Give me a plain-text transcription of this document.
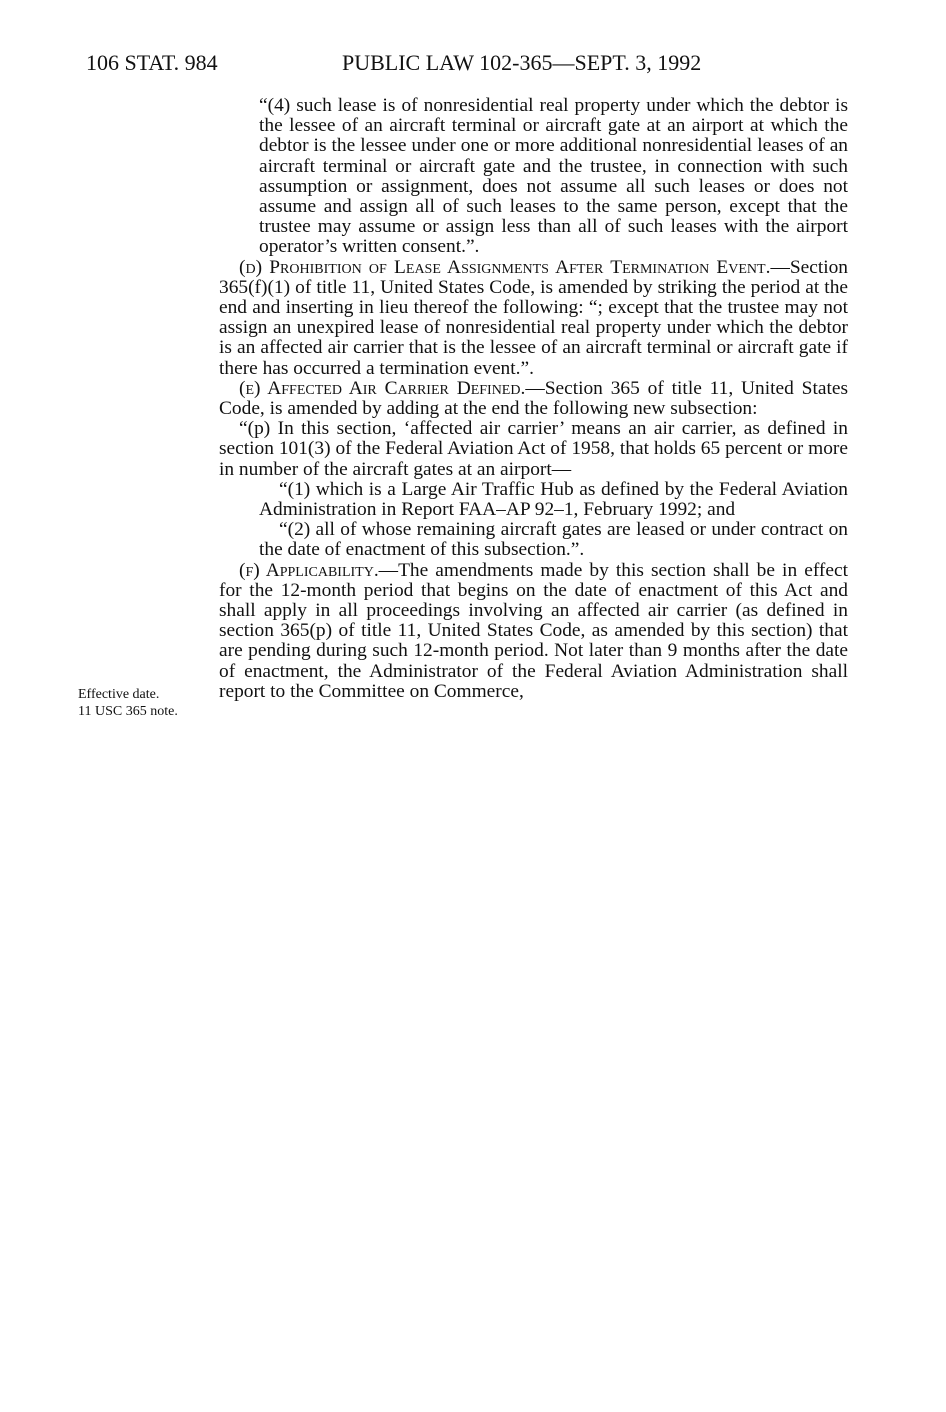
106 STAT. 984	PUBLIC LAW 102-365—SEPT. 3, 1992
Effective date.
11 USC 365 note.

“(4) such lease is of nonresidential real property under which the debtor is the lessee of an aircraft terminal or aircraft gate at an airport at which the debtor is the lessee under one or more additional nonresidential leases of an aircraft terminal or aircraft gate and the trustee, in connection with such assumption or assignment, does not assume all such leases or does not assume and assign all of such leases to the same person, except that the trustee may assume or assign less than all of such leases with the airport operator’s written consent.”.

(d) Prohibition of Lease Assignments After Termination Event.—Section 365(f)(1) of title 11, United States Code, is amended by striking the period at the end and inserting in lieu thereof the following: “; except that the trustee may not assign an unexpired lease of nonresidential real property under which the debtor is an affected air carrier that is the lessee of an aircraft terminal or aircraft gate if there has occurred a termination event.”.

(e) Affected Air Carrier Defined.—Section 365 of title 11, United States Code, is amended by adding at the end the following new subsection:

“(p) In this section, ‘affected air carrier’ means an air carrier, as defined in section 101(3) of the Federal Aviation Act of 1958, that holds 65 percent or more in number of the aircraft gates at an airport—

“(1) which is a Large Air Traffic Hub as defined by the Federal Aviation Administration in Report FAA–AP 92–1, February 1992; and

“(2) all of whose remaining aircraft gates are leased or under contract on the date of enactment of this subsection.”.

(f) Applicability.—The amendments made by this section shall be in effect for the 12-month period that begins on the date of enactment of this Act and shall apply in all proceedings involving an affected air carrier (as defined in section 365(p) of title 11, United States Code, as amended by this section) that are pending during such 12-month period. Not later than 9 months after the date of enactment, the Administrator of the Federal Aviation Administration shall report to the Committee on Commerce,
